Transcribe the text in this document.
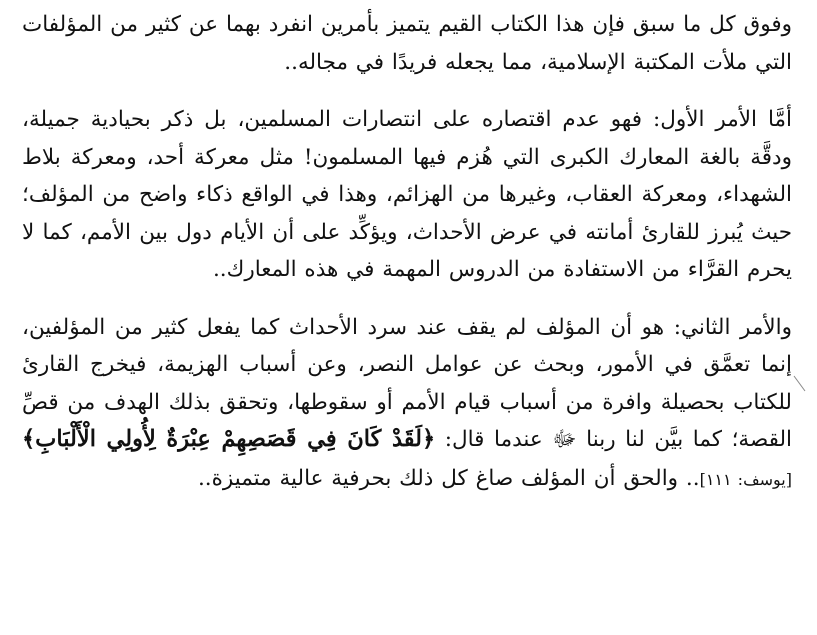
وفوق كل ما سبق فإن هذا الكتاب القيم يتميز بأمرين انفرد بهما عن كثير من المؤلفات التي ملأت المكتبة الإسلامية، مما يجعله فريدًا في مجاله..

أمَّا الأمر الأول: فهو عدم اقتصاره على انتصارات المسلمين، بل ذكر بحيادية جميلة، ودقَّة بالغة المعارك الكبرى التي هُزم فيها المسلمون! مثل معركة أحد، ومعركة بلاط الشهداء، ومعركة العقاب، وغيرها من الهزائم، وهذا في الواقع ذكاء واضح من المؤلف؛ حيث يُبرز للقارئ أمانته في عرض الأحداث، ويؤكِّد على أن الأيام دول بين الأمم، كما لا يحرم القرَّاء من الاستفادة من الدروس المهمة في هذه المعارك..

والأمر الثاني: هو أن المؤلف لم يقف عند سرد الأحداث كما يفعل كثير من المؤلفين، إنما تعمَّق في الأمور، وبحث عن عوامل النصر، وعن أسباب الهزيمة، فيخرج القارئ للكتاب بحصيلة وافرة من أسباب قيام الأمم أو سقوطها، وتحقق بذلك الهدف من قصِّ القصة؛ كما بيَّن لنا ربنا ﷻ عندما قال: ﴿لَقَدْ كَانَ فِي قَصَصِهِمْ عِبْرَةٌ لِأُولِي الْأَلْبَابِ﴾ [يوسف: ١١١].. والحق أن المؤلف صاغ كل ذلك بحرفية عالية متميزة..
